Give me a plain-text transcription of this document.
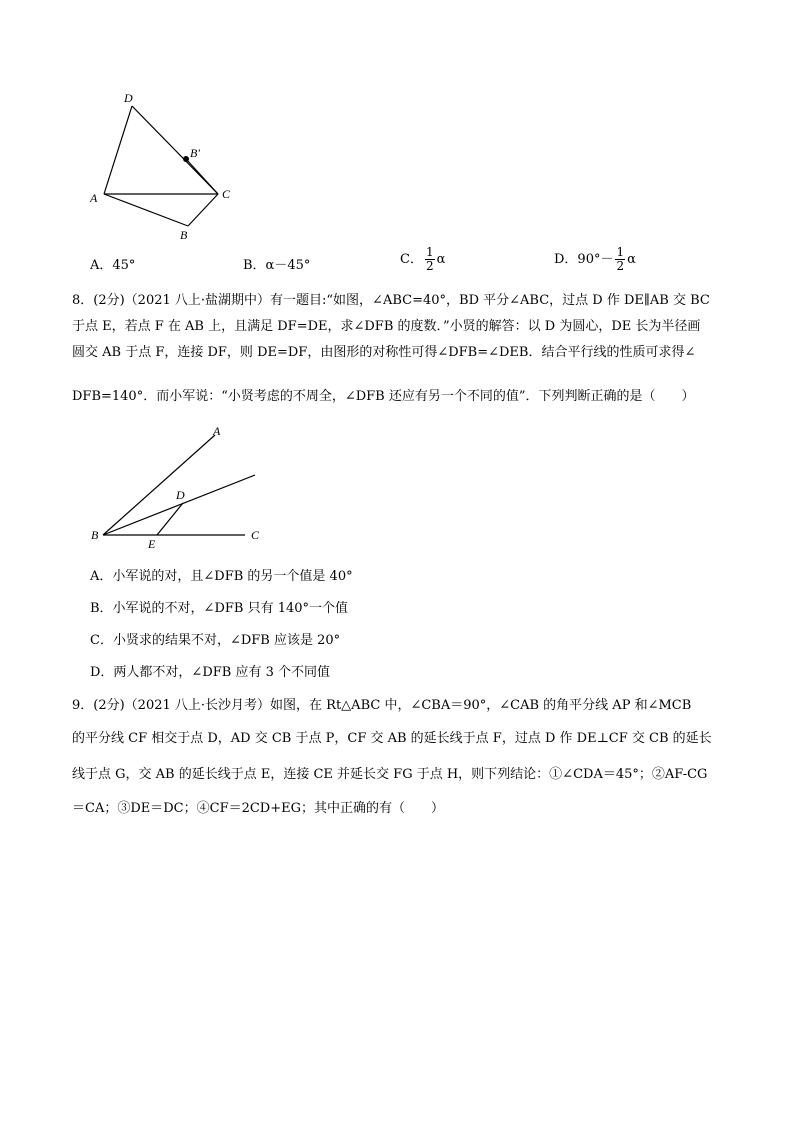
D
B′
A	C
B
A．45°	B．α－45°	C． $\frac{1}{2}$ α	D．$90^\circ- \frac{1}{2}$ α
8．(2分)（2021 八上·盐湖期中）有一题目:“如图，∠ABC=40°，BD 平分∠ABC，过点 D 作 DE∥AB 交 BC
于点 E，若点 F 在 AB 上，且满足 DF=DE，求∠DFB 的度数．”小贤的解答：以 D 为圆心，DE 长为半径画
圆交 AB 于点 F，连接 DF，则 DE=DF，由图形的对称性可得∠DFB=∠DEB．结合平行线的性质可求得∠
DFB=140°．而小军说：“小贤考虑的不周全，∠DFB 还应有另一个不同的值”．下列判断正确的是（　　）
A
D
B
E
C
A．小军说的对，且∠DFB 的另一个值是 40°
B．小军说的不对，∠DFB 只有 140°一个值
C．小贤求的结果不对，∠DFB 应该是 20°
D．两人都不对，∠DFB 应有 3 个不同值
9．(2分)（2021 八上·长沙月考）如图，在 Rt△ABC 中，∠CBA＝90°，∠CAB 的角平分线 AP 和∠MCB
的平分线 CF 相交于点 D，AD 交 CB 于点 P，CF 交 AB 的延长线于点 F，过点 D 作 DE⊥CF 交 CB 的延长
线于点 G，交 AB 的延长线于点 E，连接 CE 并延长交 FG 于点 H，则下列结论：①∠CDA＝45°；②AF-CG
＝CA；③DE＝DC；④CF＝2CD+EG；其中正确的有（　　）
